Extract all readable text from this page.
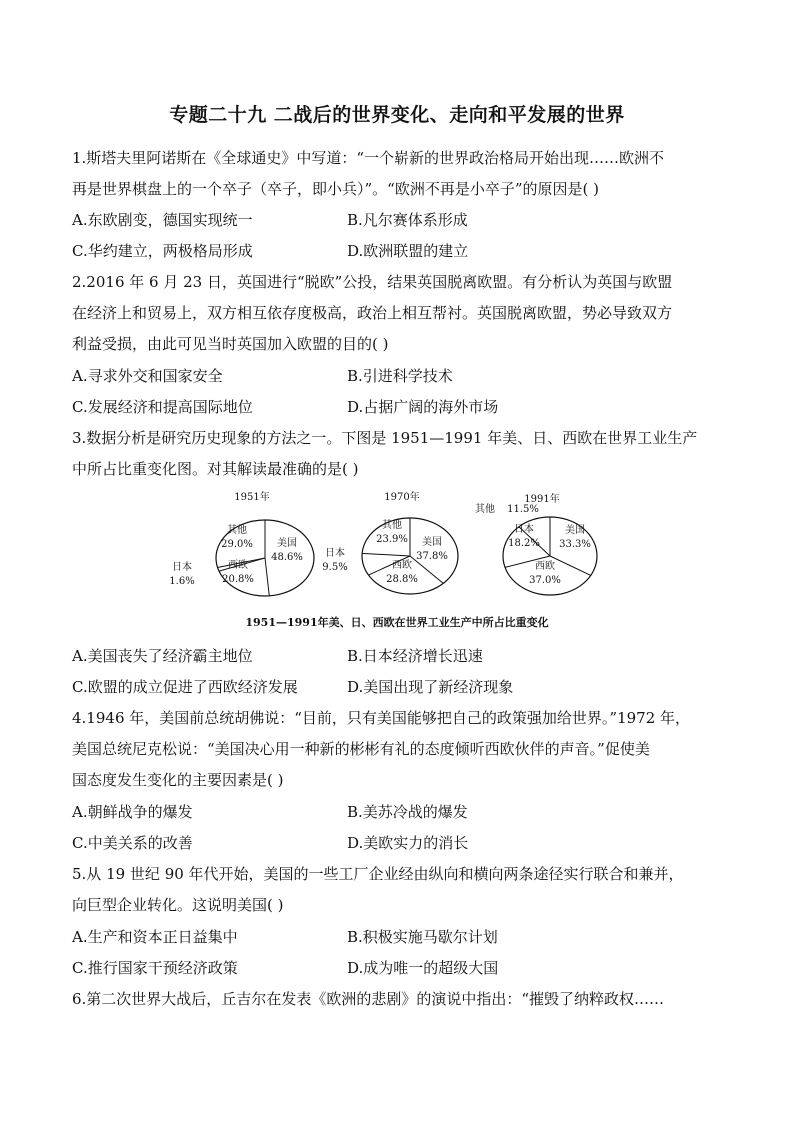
专题二十九 二战后的世界变化、走向和平发展的世界
1.斯塔夫里阿诺斯在《全球通史》中写道：“一个崭新的世界政治格局开始出现……欧洲不
再是世界棋盘上的一个卒子（卒子，即小兵）”。“欧洲不再是小卒子”的原因是( )
A.东欧剧变，德国实现统一	B.凡尔赛体系形成
C.华约建立，两极格局形成	D.欧洲联盟的建立
2.2016 年 6 月 23 日，英国进行“脱欧”公投，结果英国脱离欧盟。有分析认为英国与欧盟
在经济上和贸易上，双方相互依存度极高，政治上相互帮衬。英国脱离欧盟，势必导致双方
利益受损，由此可见当时英国加入欧盟的目的( )
A.寻求外交和国家安全	B.引进科学技术
C.发展经济和提高国际地位	D.占据广阔的海外市场
3.数据分析是研究历史现象的方法之一。下图是 1951—1991 年美、日、西欧在世界工业生产
中所占比重变化图。对其解读最准确的是( )
1951年
美国
48.6%
西欧
20.8%
日本
1.6%
其他
29.0%
1970年
美国
37.8%
西欧
28.8%
日本
9.5%
其他
23.9%
1991年
美国
33.3%
西欧
37.0%
日本
18.2%
其他 11.5%
1951—1991年美、日、西欧在世界工业生产中所占比重变化
A.美国丧失了经济霸主地位	B.日本经济增长迅速
C.欧盟的成立促进了西欧经济发展	D.美国出现了新经济现象
4.1946 年，美国前总统胡佛说：“目前，只有美国能够把自己的政策强加给世界。”1972 年，
美国总统尼克松说：“美国决心用一种新的彬彬有礼的态度倾听西欧伙伴的声音。”促使美
国态度发生变化的主要因素是( )
A.朝鲜战争的爆发	B.美苏冷战的爆发
C.中美关系的改善	D.美欧实力的消长
5.从 19 世纪 90 年代开始，美国的一些工厂企业经由纵向和横向两条途径实行联合和兼并，
向巨型企业转化。这说明美国( )
A.生产和资本正日益集中	B.积极实施马歇尔计划
C.推行国家干预经济政策	D.成为唯一的超级大国
6.第二次世界大战后，丘吉尔在发表《欧洲的悲剧》的演说中指出：“摧毁了纳粹政权……
